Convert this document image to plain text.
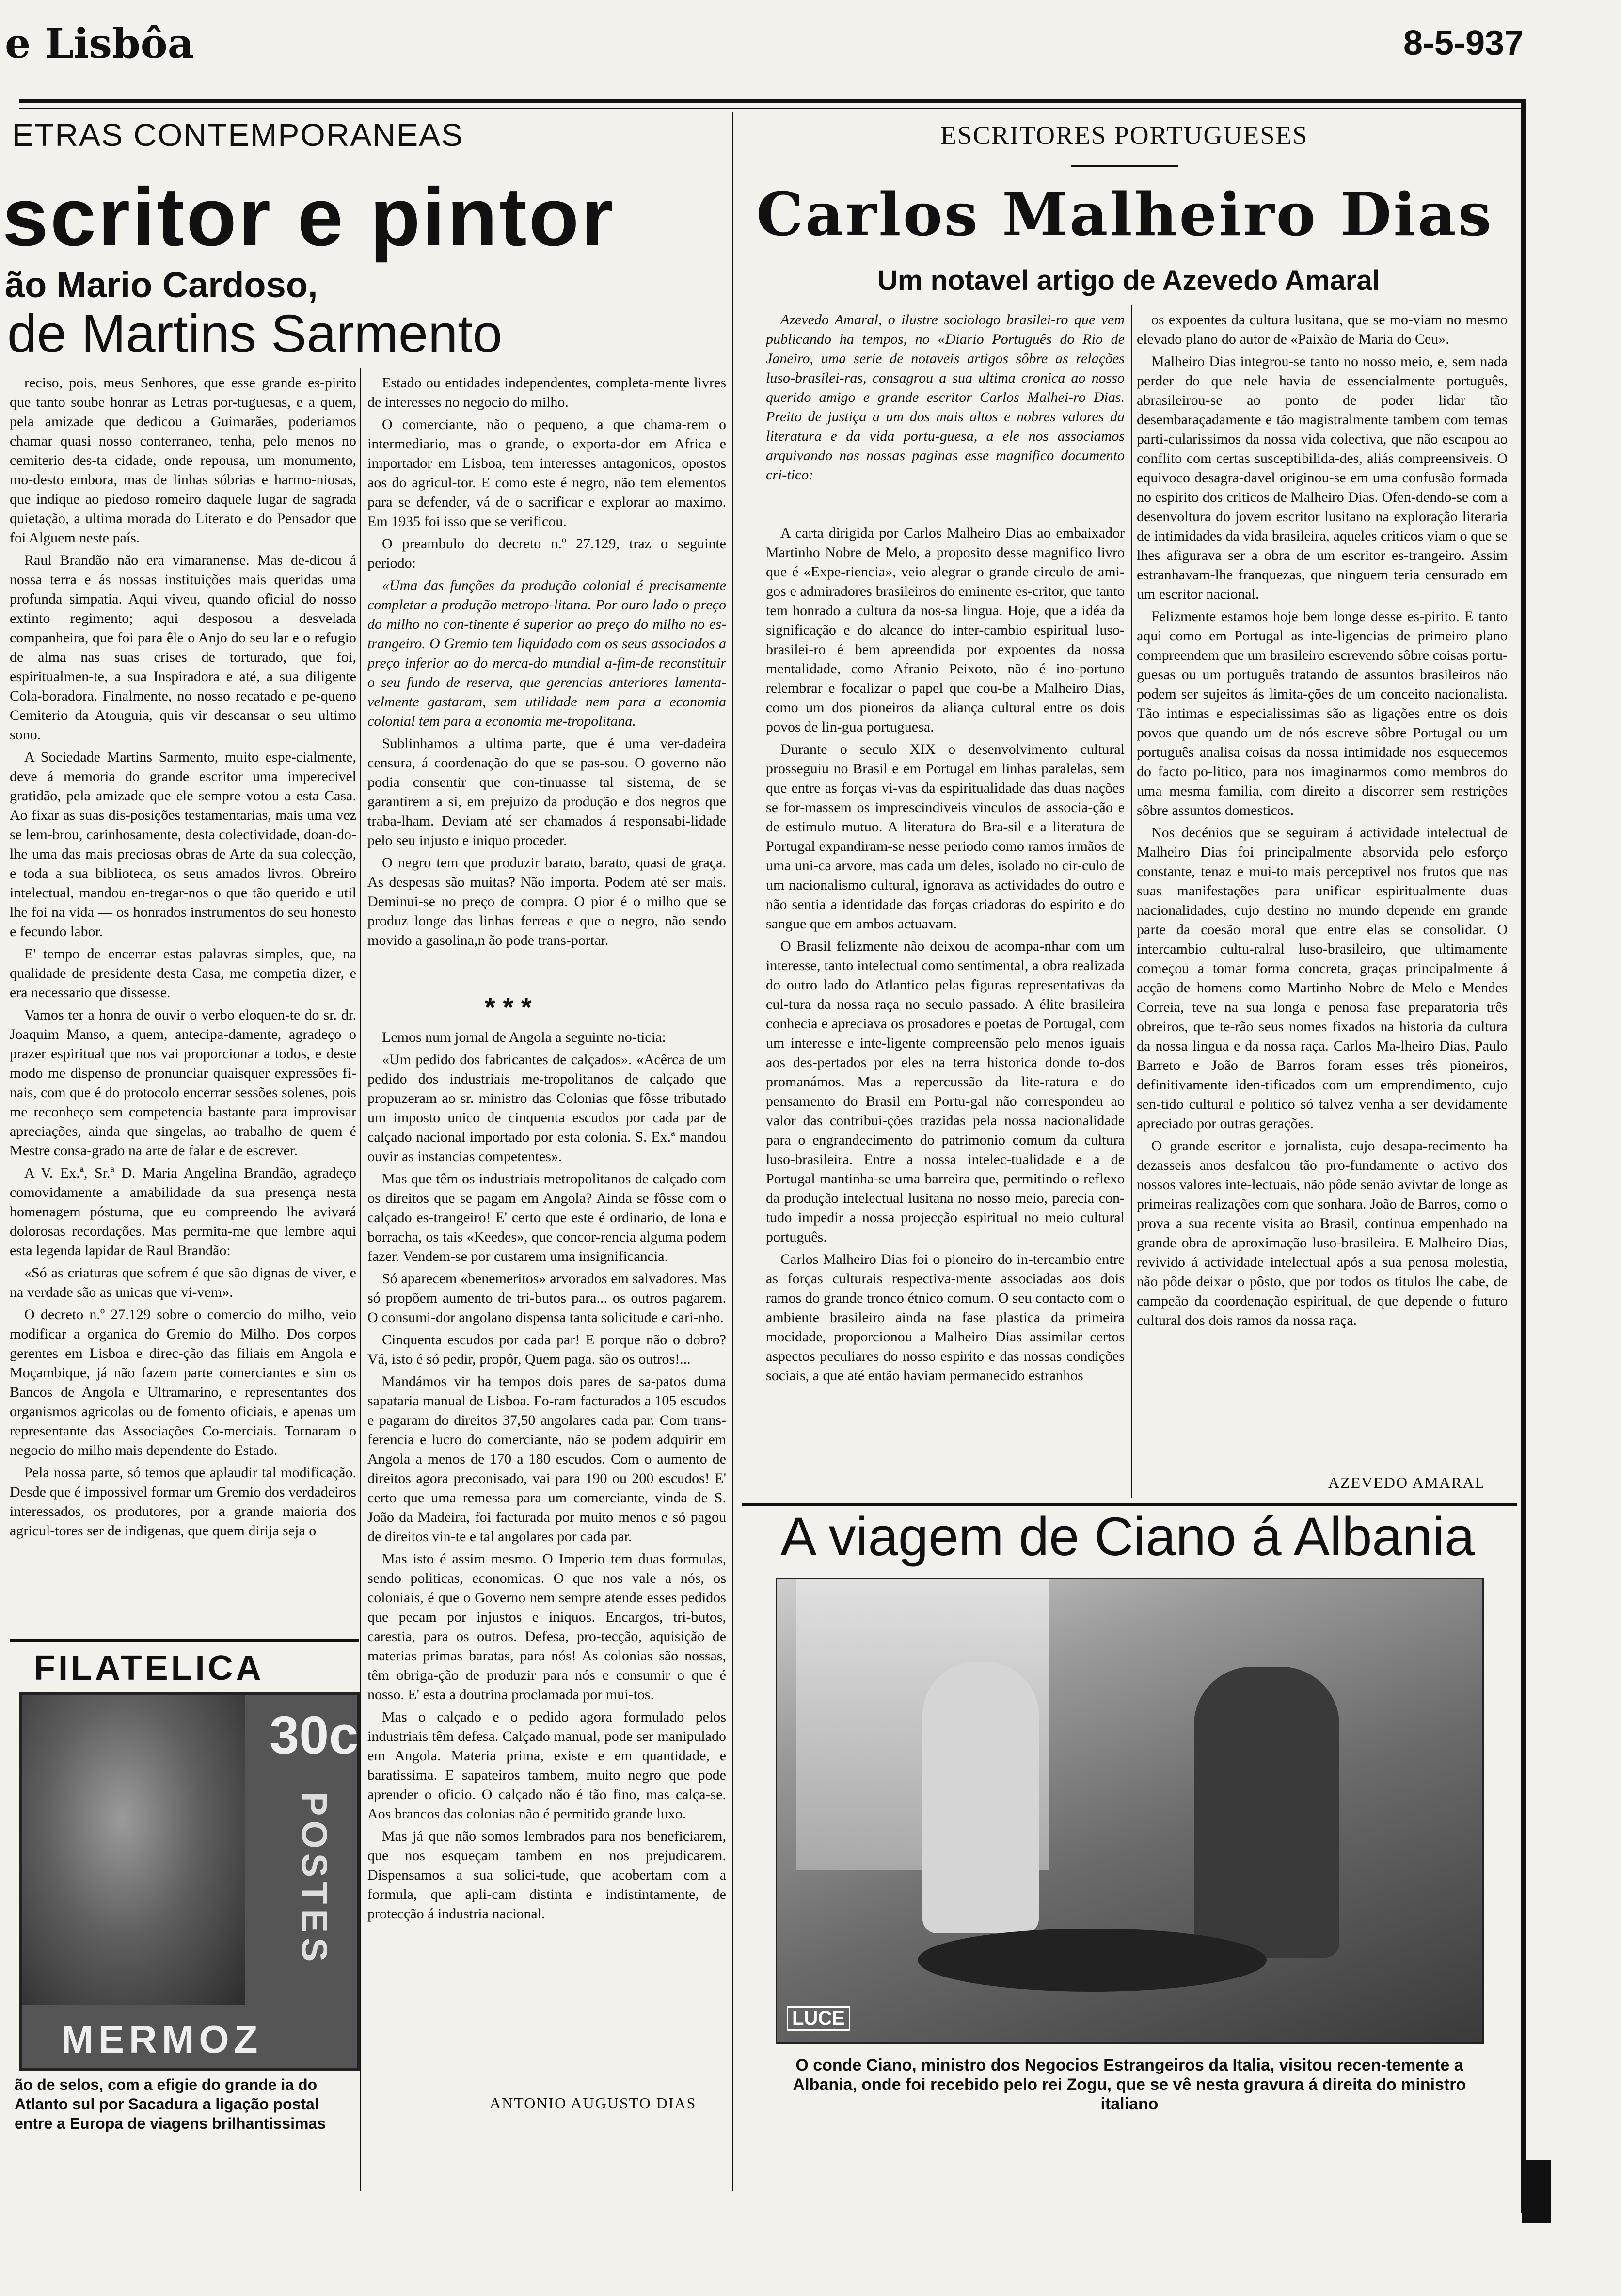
e Lisbôa	8-5-937
ETRAS CONTEMPORANEAS
scritor e pintor
ão Mario Cardoso,
de Martins Sarmento

reciso, pois, meus Senhores, que esse grande es-pirito que tanto soube honrar as Letras por-tuguesas, e a quem, pela amizade que dedicou a Guimarães, poderiamos chamar quasi nosso conterraneo, tenha, pelo menos no cemiterio des-ta cidade, onde repousa, um monumento, mo-desto embora, mas de linhas sóbrias e harmo-niosas, que indique ao piedoso romeiro daquele lugar de sagrada quietação, a ultima morada do Literato e do Pensador que foi Alguem neste país.

Raul Brandão não era vimaranense. Mas de-dicou á nossa terra e ás nossas instituições mais queridas uma profunda simpatia. Aqui viveu, quando oficial do nosso extinto regimento; aqui desposou a desvelada companheira, que foi para êle o Anjo do seu lar e o refugio de alma nas suas crises de torturado, que foi, espiritualmen-te, a sua Inspiradora e até, a sua diligente Cola-boradora. Finalmente, no nosso recatado e pe-queno Cemiterio da Atouguia, quis vir descansar o seu ultimo sono.

A Sociedade Martins Sarmento, muito espe-cialmente, deve á memoria do grande escritor uma imperecivel gratidão, pela amizade que ele sempre votou a esta Casa. Ao fixar as suas dis-posições testamentarias, mais uma vez se lem-brou, carinhosamente, desta colectividade, doan-do-lhe uma das mais preciosas obras de Arte da sua colecção, e toda a sua biblioteca, os seus amados livros. Obreiro intelectual, mandou en-tregar-nos o que tão querido e util lhe foi na vida — os honrados instrumentos do seu honesto e fecundo labor.

E' tempo de encerrar estas palavras simples, que, na qualidade de presidente desta Casa, me competia dizer, e era necessario que dissesse.

Vamos ter a honra de ouvir o verbo eloquen-te do sr. dr. Joaquim Manso, a quem, antecipa-damente, agradeço o prazer espiritual que nos vai proporcionar a todos, e deste modo me dispenso de pronunciar quaisquer expressões fi-nais, com que é do protocolo encerrar sessões solenes, pois me reconheço sem competencia bastante para improvisar apreciações, ainda que singelas, ao trabalho de quem é Mestre consa-grado na arte de falar e de escrever.

A V. Ex.ª, Sr.ª D. Maria Angelina Brandão, agradeço comovidamente a amabilidade da sua presença nesta homenagem póstuma, que eu compreendo lhe avivará dolorosas recordações. Mas permita-me que lembre aqui esta legenda lapidar de Raul Brandão:

«Só as criaturas que sofrem é que são dignas de viver, e na verdade são as unicas que vi-vem».

O decreto n.º 27.129 sobre o comercio do milho, veio modificar a organica do Gremio do Milho. Dos corpos gerentes em Lisboa e direc-ção das filiais em Angola e Moçambique, já não fazem parte comerciantes e sim os Bancos de Angola e Ultramarino, e representantes dos organismos agricolas ou de fomento oficiais, e apenas um representante das Associações Co-merciais. Tornaram o negocio do milho mais dependente do Estado.

Pela nossa parte, só temos que aplaudir tal modificação. Desde que é impossivel formar um Gremio dos verdadeiros interessados, os produtores, por a grande maioria dos agricul-tores ser de indigenas, que quem dirija seja o

Estado ou entidades independentes, completa-mente livres de interesses no negocio do milho.

O comerciante, não o pequeno, a que chama-rem o intermediario, mas o grande, o exporta-dor em Africa e importador em Lisboa, tem interesses antagonicos, opostos aos do agricul-tor. E como este é negro, não tem elementos para se defender, vá de o sacrificar e explorar ao maximo. Em 1935 foi isso que se verificou.

O preambulo do decreto n.º 27.129, traz o seguinte periodo:

«Uma das funções da produção colonial é precisamente completar a produção metropo-litana. Por ouro lado o preço do milho no con-tinente é superior ao preço do milho no es-trangeiro. O Gremio tem liquidado com os seus associados a preço inferior ao do merca-do mundial a-fim-de reconstituir o seu fundo de reserva, que gerencias anteriores lamenta-velmente gastaram, sem utilidade nem para a economia colonial tem para a economia me-tropolitana.

Sublinhamos a ultima parte, que é uma ver-dadeira censura, á coordenação do que se pas-sou. O governo não podia consentir que con-tinuasse tal sistema, de se garantirem a si, em prejuizo da produção e dos negros que traba-lham. Deviam até ser chamados á responsabi-lidade pelo seu injusto e iniquo proceder.

O negro tem que produzir barato, barato, quasi de graça. As despesas são muitas? Não importa. Podem até ser mais. Deminui-se no preço de compra. O pior é o milho que se produz longe das linhas ferreas e que o negro, não sendo movido a gasolina,n ão pode trans-portar.

* * *

Lemos num jornal de Angola a seguinte no-ticia:

«Um pedido dos fabricantes de calçados». «Acêrca de um pedido dos industriais me-tropolitanos de calçado que propuzeram ao sr. ministro das Colonias que fôsse tributado um imposto unico de cinquenta escudos por cada par de calçado nacional importado por esta colonia. S. Ex.ª mandou ouvir as instancias competentes».

Mas que têm os industriais metropolitanos de calçado com os direitos que se pagam em Angola? Ainda se fôsse com o calçado es-trangeiro! E' certo que este é ordinario, de lona e borracha, os tais «Keedes», que concor-rencia alguma podem fazer. Vendem-se por custarem uma insignificancia.

Só aparecem «benemeritos» arvorados em salvadores. Mas só propõem aumento de tri-butos para... os outros pagarem. O consumi-dor angolano dispensa tanta solicitude e cari-nho.

Cinquenta escudos por cada par! E porque não o dobro? Vá, isto é só pedir, propôr, Quem paga. são os outros!...

Mandámos vir ha tempos dois pares de sa-patos duma sapataria manual de Lisboa. Fo-ram facturados a 105 escudos e pagaram do direitos 37,50 angolares cada par. Com trans-ferencia e lucro do comerciante, não se podem adquirir em Angola a menos de 170 a 180 escudos. Com o aumento de direitos agora preconisado, vai para 190 ou 200 escudos! E' certo que uma remessa para um comerciante, vinda de S. João da Madeira, foi facturada por muito menos e só pagou de direitos vin-te e tal angolares por cada par.

Mas isto é assim mesmo. O Imperio tem duas formulas, sendo politicas, economicas. O que nos vale a nós, os coloniais, é que o Governo nem sempre atende esses pedidos que pecam por injustos e iniquos. Encargos, tri-butos, carestia, para os outros. Defesa, pro-tecção, aquisição de materias primas baratas, para nós! As colonias são nossas, têm obriga-ção de produzir para nós e consumir o que é nosso. E' esta a doutrina proclamada por mui-tos.

Mas o calçado e o pedido agora formulado pelos industriais têm defesa. Calçado manual, pode ser manipulado em Angola. Materia prima, existe e em quantidade, e baratissima. E sapateiros tambem, muito negro que pode aprender o oficio. O calçado não é tão fino, mas calça-se. Aos brancos das colonias não é permitido grande luxo.

Mas já que não somos lembrados para nos beneficiarem, que nos esqueçam tambem en nos prejudicarem. Dispensamos a sua solici-tude, que acobertam com a formula, que apli-cam distinta e indistintamente, de protecção á industria nacional.

ANTONIO AUGUSTO DIAS
FILATELICA
30c
POSTES
MERMOZ
ão de selos, com a efigie do grande ia do Atlanto sul por Sacadura a ligação postal entre a Europa de viagens brilhantissimas
ESCRITORES PORTUGUESES
Carlos Malheiro Dias
Um notavel artigo de Azevedo Amaral

Azevedo Amaral, o ilustre sociologo brasilei-ro que vem publicando ha tempos, no «Diario Português do Rio de Janeiro, uma serie de notaveis artigos sôbre as relações luso-brasilei-ras, consagrou a sua ultima cronica ao nosso querido amigo e grande escritor Carlos Malhei-ro Dias. Preito de justiça a um dos mais altos e nobres valores da literatura e da vida portu-guesa, a ele nos associamos arquivando nas nossas paginas esse magnifico documento cri-tico:

A carta dirigida por Carlos Malheiro Dias ao embaixador Martinho Nobre de Melo, a proposito desse magnifico livro que é «Expe-riencia», veio alegrar o grande circulo de ami-gos e admiradores brasileiros do eminente es-critor, que tanto tem honrado a cultura da nos-sa lingua. Hoje, que a idéa da significação e do alcance do inter-cambio espiritual luso-brasilei-ro é bem apreendida por expoentes da nossa mentalidade, como Afranio Peixoto, não é ino-portuno relembrar e focalizar o papel que cou-be a Malheiro Dias, como um dos pioneiros da aliança cultural entre os dois povos de lin-gua portuguesa.

Durante o seculo XIX o desenvolvimento cultural prosseguiu no Brasil e em Portugal em linhas paralelas, sem que entre as forças vi-vas da espiritualidade das duas nações se for-massem os imprescindiveis vinculos de associa-ção e de estimulo mutuo. A literatura do Bra-sil e a literatura de Portugal expandiram-se nesse periodo como ramos irmãos de uma uni-ca arvore, mas cada um deles, isolado no cir-culo de um nacionalismo cultural, ignorava as actividades do outro e não sentia a identidade das forças criadoras do espirito e do sangue que em ambos actuavam.

O Brasil felizmente não deixou de acompa-nhar com um interesse, tanto intelectual como sentimental, a obra realizada do outro lado do Atlantico pelas figuras representativas da cul-tura da nossa raça no seculo passado. A élite brasileira conhecia e apreciava os prosadores e poetas de Portugal, com um interesse e inte-ligente compreensão pelo menos iguais aos des-pertados por eles na terra historica donde to-dos promanámos. Mas a repercussão da lite-ratura e do pensamento do Brasil em Portu-gal não correspondeu ao valor das contribui-ções trazidas pela nossa nacionalidade para o engrandecimento do patrimonio comum da cultura luso-brasileira. Entre a nossa intelec-tualidade e a de Portugal mantinha-se uma barreira que, permitindo o reflexo da produção intelectual lusitana no nosso meio, parecia con-tudo impedir a nossa projecção espiritual no meio cultural português.

Carlos Malheiro Dias foi o pioneiro do in-tercambio entre as forças culturais respectiva-mente associadas aos dois ramos do grande tronco étnico comum. O seu contacto com o ambiente brasileiro ainda na fase plastica da primeira mocidade, proporcionou a Malheiro Dias assimilar certos aspectos peculiares do nosso espirito e das nossas condições sociais, a que até então haviam permanecido estranhos

os expoentes da cultura lusitana, que se mo-viam no mesmo elevado plano do autor de «Paixão de Maria do Ceu».

Malheiro Dias integrou-se tanto no nosso meio, e, sem nada perder do que nele havia de essencialmente português, abrasileirou-se ao ponto de poder lidar tão desembaraçadamente e tão magistralmente tambem com temas parti-cularissimos da nossa vida colectiva, que não escapou ao conflito com certas susceptibilida-des, aliás compreensiveis. O equivoco desagra-davel originou-se em uma confusão formada no espirito dos criticos de Malheiro Dias. Ofen-dendo-se com a desenvoltura do jovem escritor lusitano na exploração literaria de intimidades da vida brasileira, aqueles criticos viam o que se lhes afigurava ser a obra de um escritor es-trangeiro. Assim estranhavam-lhe franquezas, que ninguem teria censurado em um escritor nacional.

Felizmente estamos hoje bem longe desse es-pirito. E tanto aqui como em Portugal as inte-ligencias de primeiro plano compreendem que um brasileiro escrevendo sôbre coisas portu-guesas ou um português tratando de assuntos brasileiros não podem ser sujeitos ás limita-ções de um conceito nacionalista. Tão intimas e especialissimas são as ligações entre os dois povos que quando um de nós escreve sôbre Portugal ou um português analisa coisas da nossa intimidade nos esquecemos do facto po-litico, para nos imaginarmos como membros do uma mesma familia, com direito a discorrer sem restrições sôbre assuntos domesticos.

Nos decénios que se seguiram á actividade intelectual de Malheiro Dias foi principalmente absorvida pelo esforço constante, tenaz e mui-to mais perceptivel nos frutos que nas suas manifestações para unificar espiritualmente duas nacionalidades, cujo destino no mundo depende em grande parte da coesão moral que entre elas se consolidar. O intercambio cultu-ralral luso-brasileiro, que ultimamente começou a tomar forma concreta, graças principalmente á acção de homens como Martinho Nobre de Melo e Mendes Correia, teve na sua longa e penosa fase preparatoria três obreiros, que te-rão seus nomes fixados na historia da cultura da nossa lingua e da nossa raça. Carlos Ma-lheiro Dias, Paulo Barreto e João de Barros foram esses três pioneiros, definitivamente iden-tificados com um emprendimento, cujo sen-tido cultural e politico só talvez venha a ser devidamente apreciado por outras gerações.

O grande escritor e jornalista, cujo desapa-recimento ha dezasseis anos desfalcou tão pro-fundamente o activo dos nossos valores inte-lectuais, não pôde senão avivtar de longe as primeiras realizações com que sonhara. João de Barros, como o prova a sua recente visita ao Brasil, continua empenhado na grande obra de aproximação luso-brasileira. E Malheiro Dias, revivido á actividade intelectual após a sua penosa molestia, não pôde deixar o pôsto, que por todos os titulos lhe cabe, de campeão da coordenação espiritual, de que depende o futuro cultural dos dois ramos da nossa raça.

AZEVEDO AMARAL
A viagem de Ciano á Albania
LUCE
O conde Ciano, ministro dos Negocios Estrangeiros da Italia, visitou recen-temente a Albania, onde foi recebido pelo rei Zogu, que se vê nesta gravura á direita do ministro italiano
